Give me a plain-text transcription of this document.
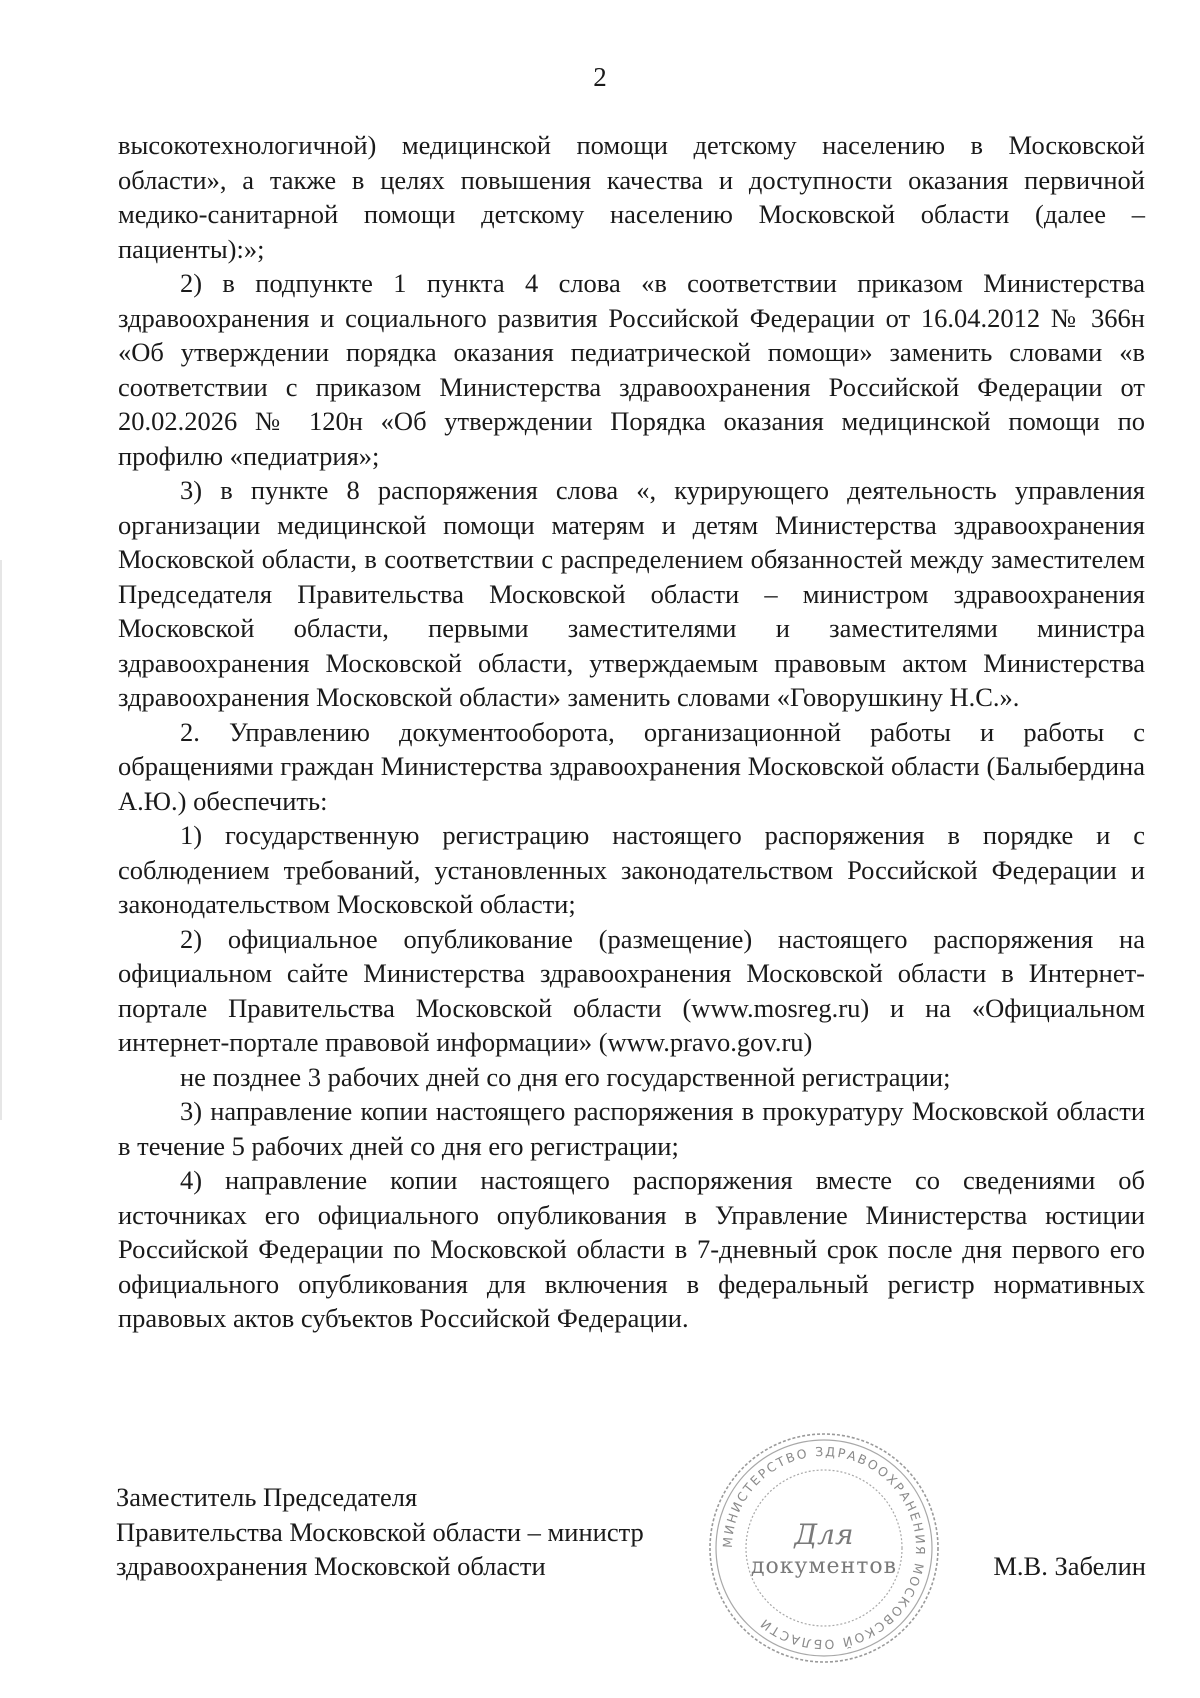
2

высокотехнологичной) медицинской помощи детскому населению в Московской области», а также в целях повышения качества и доступности оказания первичной медико-санитарной помощи детскому населению Московской области (далее – пациенты):»;

2) в подпункте 1 пункта 4 слова «в соответствии приказом Министерства здравоохранения и социального развития Российской Федерации от 16.04.2012 № 366н «Об утверждении порядка оказания педиатрической помощи» заменить словами «в соответствии с приказом Министерства здравоохранения Российской Федерации от 20.02.2026 № 120н «Об утверждении Порядка оказания медицинской помощи по профилю «педиатрия»;

3) в пункте 8 распоряжения слова «, курирующего деятельность управления организации медицинской помощи матерям и детям Министерства здравоохранения Московской области, в соответствии с распределением обязанностей между заместителем Председателя Правительства Московской области – министром здравоохранения Московской области, первыми заместителями и заместителями министра здравоохранения Московской области, утверждаемым правовым актом Министерства здравоохранения Московской области» заменить словами «Говорушкину Н.С.».

2. Управлению документооборота, организационной работы и работы с обращениями граждан Министерства здравоохранения Московской области (Балыбердина А.Ю.) обеспечить:

1) государственную регистрацию настоящего распоряжения в порядке и с соблюдением требований, установленных законодательством Российской Федерации и законодательством Московской области;

2) официальное опубликование (размещение) настоящего распоряжения на официальном сайте Министерства здравоохранения Московской области в Интернет-портале Правительства Московской области (www.mosreg.ru) и на «Официальном интернет-портале правовой информации» (www.pravo.gov.ru)

не позднее 3 рабочих дней со дня его государственной регистрации;

3) направление копии настоящего распоряжения в прокуратуру Московской области в течение 5 рабочих дней со дня его регистрации;

4) направление копии настоящего распоряжения вместе со сведениями об источниках его официального опубликования в Управление Министерства юстиции Российской Федерации по Московской области в 7-дневный срок после дня первого его официального опубликования для включения в федеральный регистр нормативных правовых актов субъектов Российской Федерации.

Заместитель Председателя
Правительства Московской области – министр
здравоохранения Московской области	М.В. Забелин
МИНИСТЕРСТВО ЗДРАВООХРАНЕНИЯ МОСКОВСКОЙ ОБЛАСТИ
Для
документов
